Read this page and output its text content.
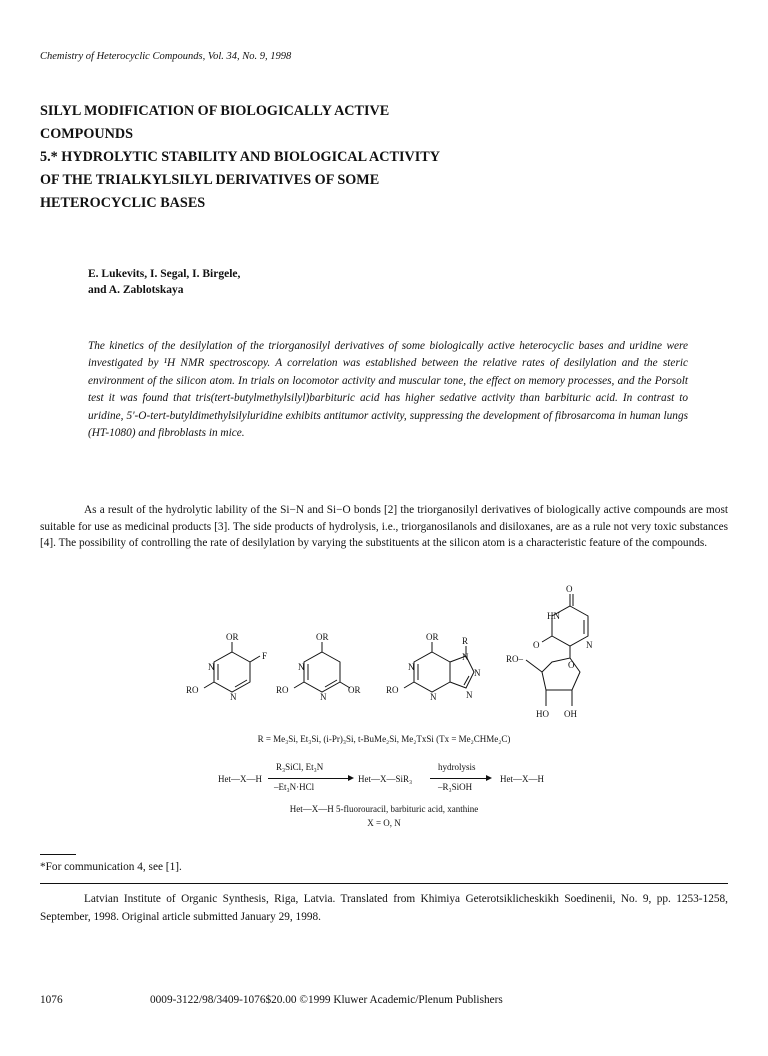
Chemistry of Heterocyclic Compounds, Vol. 34, No. 9, 1998
SILYL MODIFICATION OF BIOLOGICALLY ACTIVE
COMPOUNDS
5.* HYDROLYTIC STABILITY AND BIOLOGICAL ACTIVITY
OF THE TRIALKYLSILYL DERIVATIVES OF SOME
HETEROCYCLIC BASES
E. Lukevits, I. Segal, I. Birgele,
and A. Zablotskaya
The kinetics of the desilylation of the triorganosilyl derivatives of some biologically active heterocyclic bases and uridine were investigated by ¹H NMR spectroscopy. A correlation was established between the relative rates of desilylation and the steric environment of the silicon atom. In trials on locomotor activity and muscular tone, the effect on memory processes, and the Porsolt test it was found that tris(tert-butylmethylsilyl)barbituric acid has higher sedative activity than barbituric acid. In contrast to uridine, 5'-O-tert-butyldimethylsilyluridine exhibits antitumor activity, suppressing the development of fibrosarcoma in human lungs (HT-1080) and fibroblasts in mice.
As a result of the hydrolytic lability of the Si−N and Si−O bonds [2] the triorganosilyl derivatives of biologically active compounds are most suitable for use as medicinal products [3]. The side products of hydrolysis, i.e., triorganosilanols and disiloxanes, are as a rule not very toxic substances [4]. The possibility of controlling the rate of desilylation by varying the substituents at the silicon atom is a characteristic feature of the compounds.
OR
F
N
N
RO
OR
N
N
RO	OR
OR	R
N
N
N
N
N
RO
O
HN
O	N
O
RO–
HO OH
R = Me₃Si, Et₃Si, (i-Pr)₃Si, t-BuMe₂Si, Me₂TxSi (Tx = Me₂CHMe₂C)
Het—X—H
R₃SiCl, Et₃N
–Et₃N·HCl
Het—X—SiR₃
hydrolysis
–R₃SiOH
Het—X—H
Het—X—H 5-fluorouracil, barbituric acid, xanthine
X = O, N
*For communication 4, see [1].
Latvian Institute of Organic Synthesis, Riga, Latvia. Translated from Khimiya Geterotsiklicheskikh Soedinenii, No. 9, pp. 1253-1258, September, 1998. Original article submitted January 29, 1998.
1076	0009-3122/98/3409-1076$20.00 ©1999 Kluwer Academic/Plenum Publishers
